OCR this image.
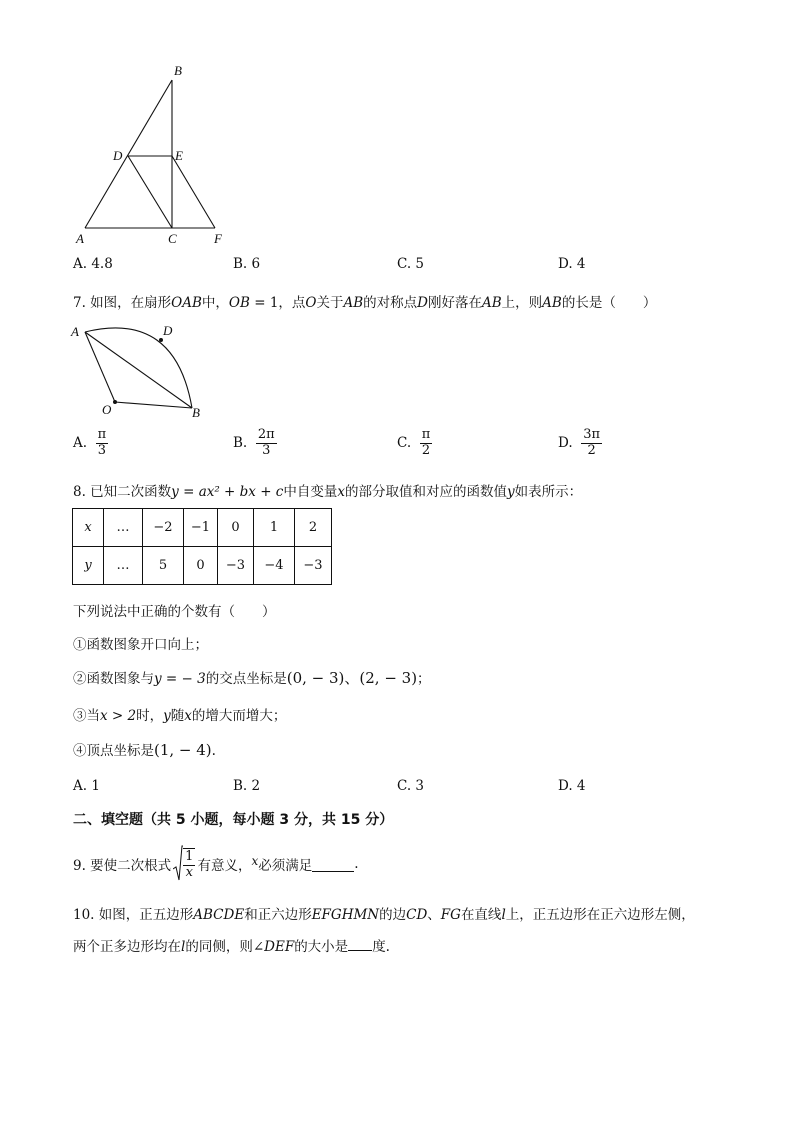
B
D	E
A	C	F
A. 4.8	B. 6	C. 5	D. 4
7. 如图，在扇形OAB中，OB = 1，点O关于AB的对称点D刚好落在AB上，则AB的长是（　　）
A	D
O	B
A. $\frac{\pi}{3}$	B. $\frac{2\pi}{3}$	C. $\frac{\pi}{2}$	D. $\frac{3\pi}{2}$
8. 已知二次函数y = ax² + bx + c中自变量x的部分取值和对应的函数值y如表所示：
x	…	−2	−1	0	1	2
y	…	5	0	−3	−4	−3
下列说法中正确的个数有（　　）
①函数图象开口向上；
②函数图象与y = − 3的交点坐标是(0, − 3)、(2, − 3)；
③当x > 2时，y随x的增大而增大；
④顶点坐标是(1, − 4).
A. 1	B. 2	C. 3	D. 4
二、填空题（共 5 小题，每小题 3 分，共 15 分）
9. 要使二次根式 $\frac{1}{x}$ 有意义， x 必须满足	.
10. 如图，正五边形ABCDE和正六边形EFGHMN的边CD、FG在直线l上，正五边形在正六边形左侧，
两个正多边形均在l的同侧，则∠DEF的大小是 度.
